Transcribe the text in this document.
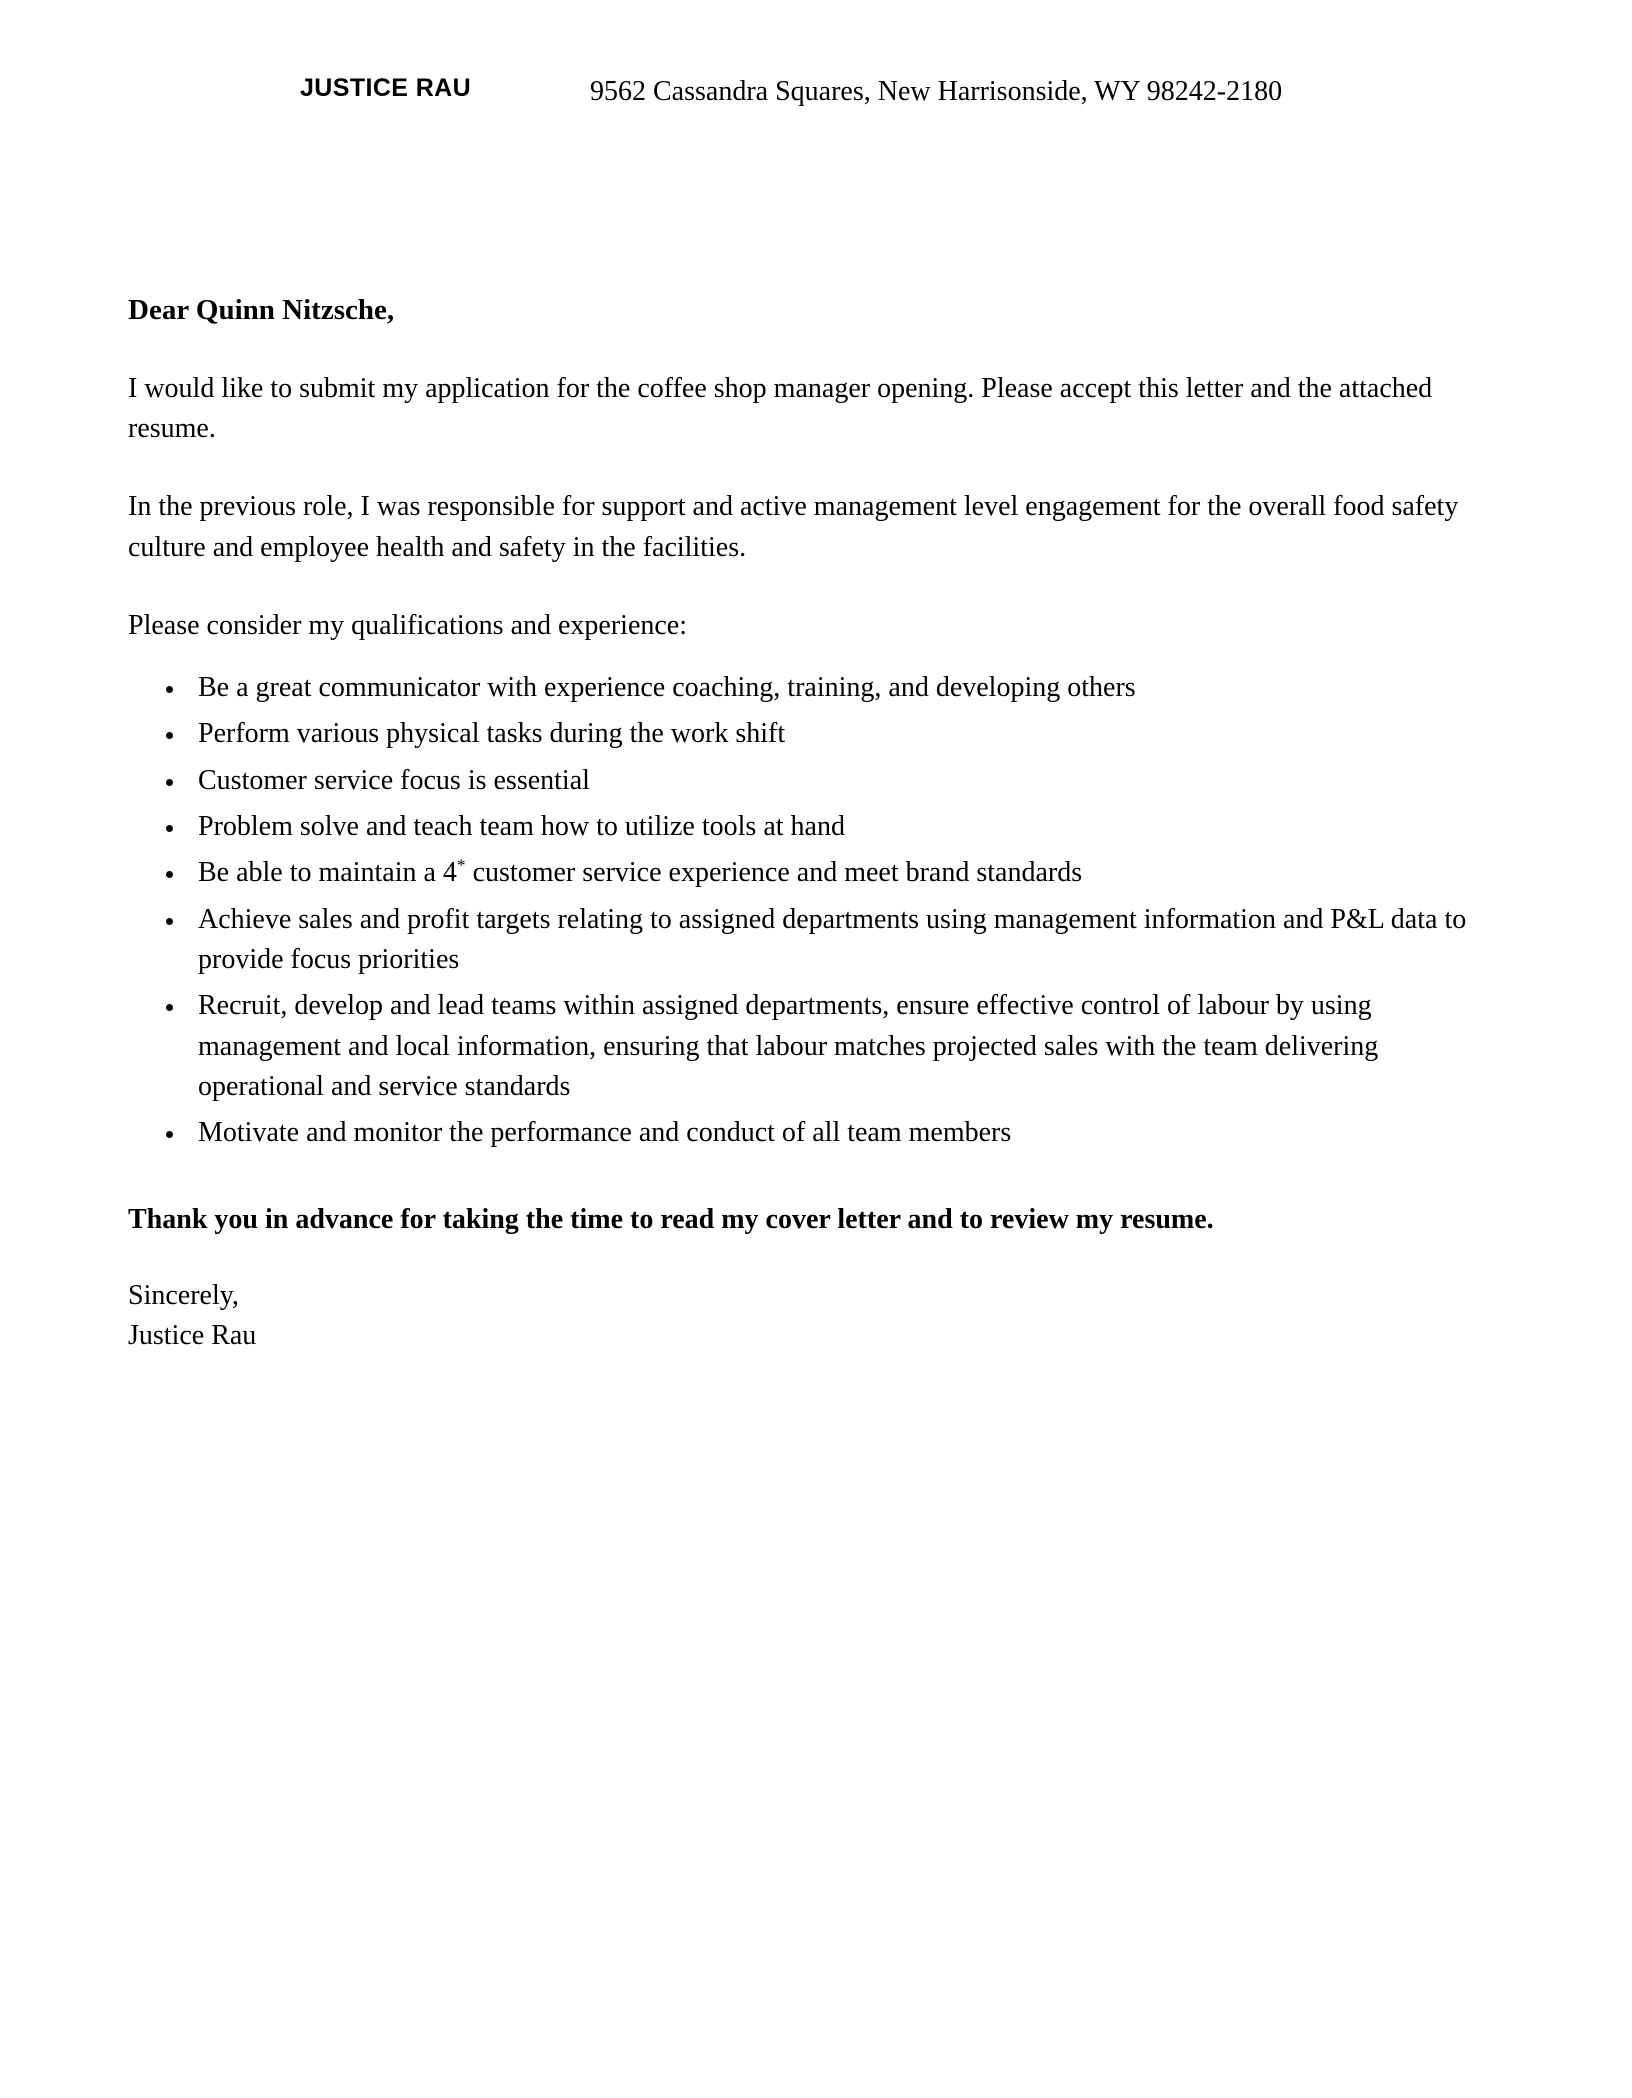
JUSTICE RAU	9562 Cassandra Squares, New Harrisonside, WY 98242-2180

Dear Quinn Nitzsche,

I would like to submit my application for the coffee shop manager opening. Please accept this letter and the attached resume.

In the previous role, I was responsible for support and active management level engagement for the overall food safety culture and employee health and safety in the facilities.

Please consider my qualifications and experience:

• Be a great communicator with experience coaching, training, and developing others
• Perform various physical tasks during the work shift
• Customer service focus is essential
• Problem solve and teach team how to utilize tools at hand
• Be able to maintain a 4* customer service experience and meet brand standards
• Achieve sales and profit targets relating to assigned departments using management information and P&L data to provide focus priorities
• Recruit, develop and lead teams within assigned departments, ensure effective control of labour by using management and local information, ensuring that labour matches projected sales with the team delivering operational and service standards
• Motivate and monitor the performance and conduct of all team members

Thank you in advance for taking the time to read my cover letter and to review my resume.

Sincerely,
Justice Rau
